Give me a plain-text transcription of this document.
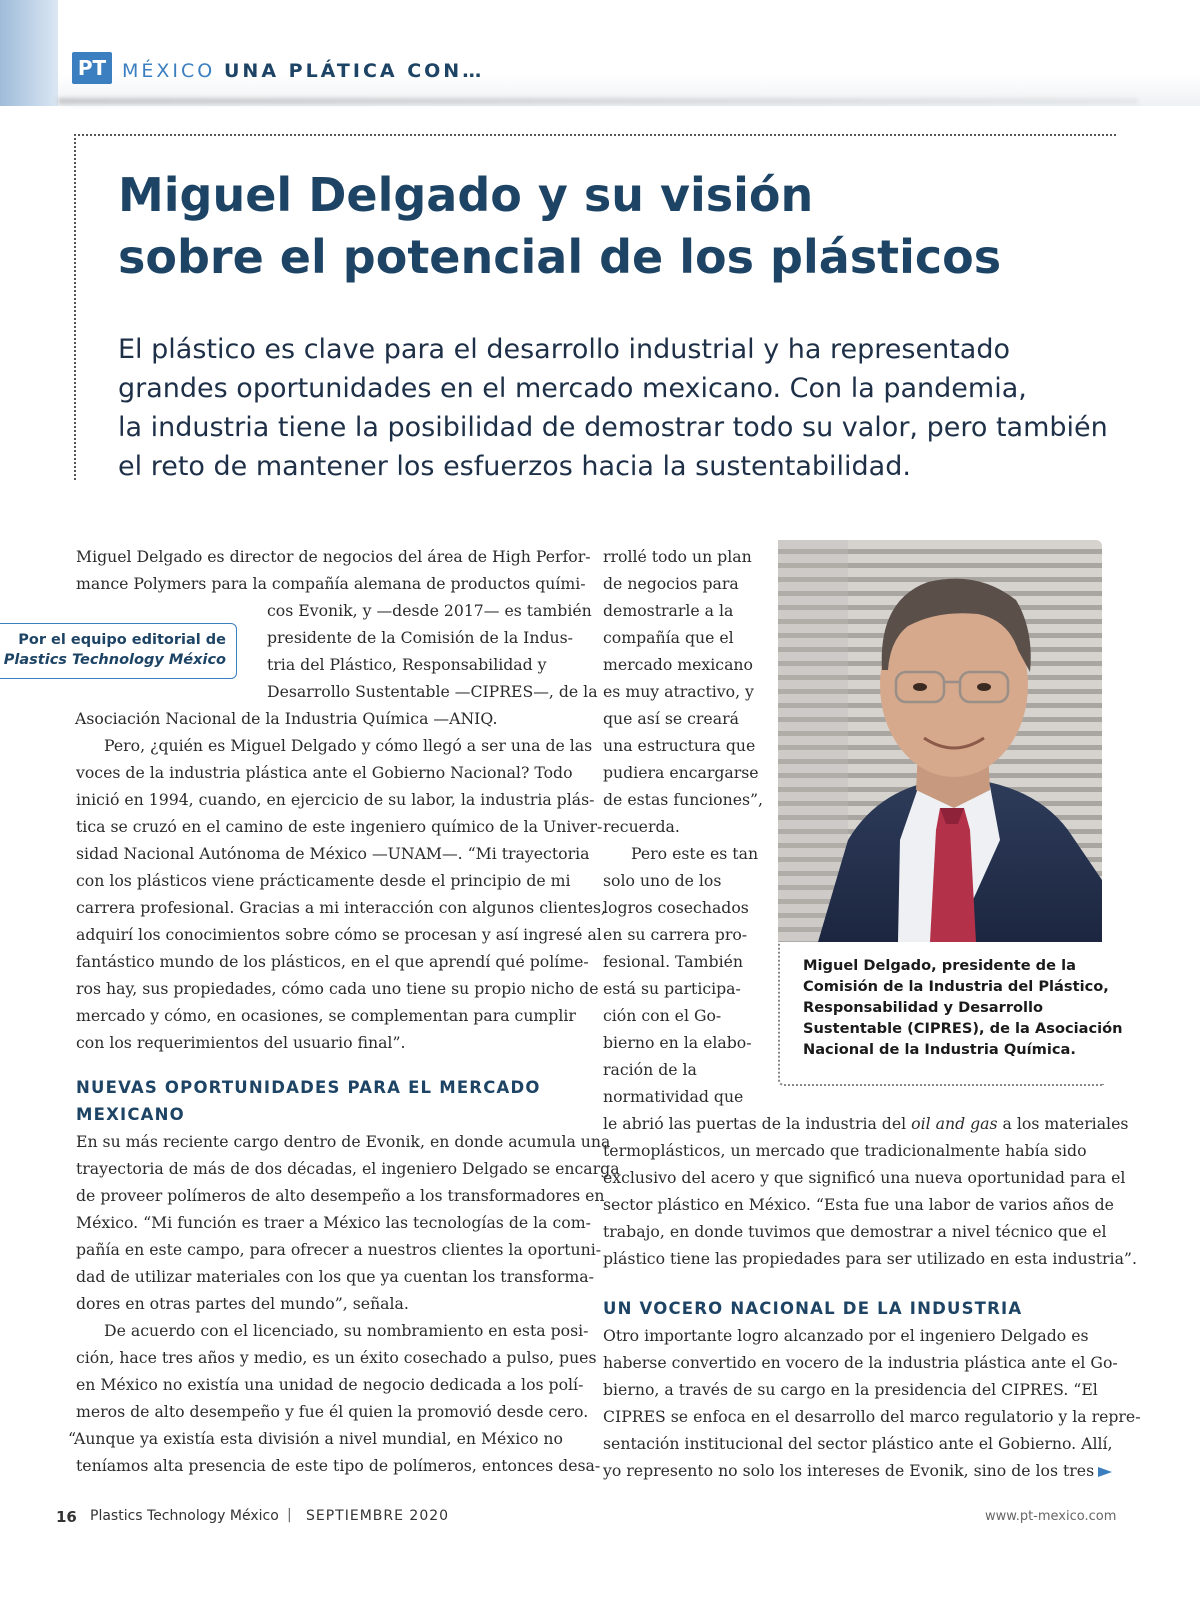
PT MÉXICO UNA PLÁTICA CON…
Miguel Delgado y su visión
sobre el potencial de los plásticos

El plástico es clave para el desarrollo industrial y ha representado
grandes oportunidades en el mercado mexicano. Con la pandemia,
la industria tiene la posibilidad de demostrar todo su valor, pero también
el reto de mantener los esfuerzos hacia la sustentabilidad.

Por el equipo editorial de
Plastics Technology México

Miguel Delgado es director de negocios del área de High Perfor-
mance Polymers para la compañía alemana de productos quími-
cos Evonik, y —desde 2017— es también
presidente de la Comisión de la Indus-
tria del Plástico, Responsabilidad y
Desarrollo Sustentable —CIPRES—, de la
Asociación Nacional de la Industria Química —ANIQ.

Pero, ¿quién es Miguel Delgado y cómo llegó a ser una de las
voces de la industria plástica ante el Gobierno Nacional? Todo
inició en 1994, cuando, en ejercicio de su labor, la industria plás-
tica se cruzó en el camino de este ingeniero químico de la Univer-
sidad Nacional Autónoma de México —UNAM—. “Mi trayectoria
con los plásticos viene prácticamente desde el principio de mi
carrera profesional. Gracias a mi interacción con algunos clientes,
adquirí los conocimientos sobre cómo se procesan y así ingresé al
fantástico mundo de los plásticos, en el que aprendí qué políme-
ros hay, sus propiedades, cómo cada uno tiene su propio nicho de
mercado y cómo, en ocasiones, se complementan para cumplir
con los requerimientos del usuario final”.

NUEVAS OPORTUNIDADES PARA EL MERCADO
MEXICANO

En su más reciente cargo dentro de Evonik, en donde acumula una
trayectoria de más de dos décadas, el ingeniero Delgado se encarga
de proveer polímeros de alto desempeño a los transformadores en
México. “Mi función es traer a México las tecnologías de la com-
pañía en este campo, para ofrecer a nuestros clientes la oportuni-
dad de utilizar materiales con los que ya cuentan los transforma-
dores en otras partes del mundo”, señala.

De acuerdo con el licenciado, su nombramiento en esta posi-
ción, hace tres años y medio, es un éxito cosechado a pulso, pues
en México no existía una unidad de negocio dedicada a los polí-
meros de alto desempeño y fue él quien la promovió desde cero.
“Aunque ya existía esta división a nivel mundial, en México no
teníamos alta presencia de este tipo de polímeros, entonces desa-

rrollé todo un plan
de negocios para
demostrarle a la
compañía que el
mercado mexicano
es muy atractivo, y
que así se creará
una estructura que
pudiera encargarse
de estas funciones”,
recuerda.

Pero este es tan
solo uno de los
logros cosechados
en su carrera pro-
fesional. También
está su participa-
ción con el Go-
bierno en la elabo-
ración de la
normatividad que
le abrió las puertas de la industria del oil and gas a los materiales
termoplásticos, un mercado que tradicionalmente había sido
exclusivo del acero y que significó una nueva oportunidad para el
sector plástico en México. “Esta fue una labor de varios años de
trabajo, en donde tuvimos que demostrar a nivel técnico que el
plástico tiene las propiedades para ser utilizado en esta industria”.

UN VOCERO NACIONAL DE LA INDUSTRIA

Otro importante logro alcanzado por el ingeniero Delgado es
haberse convertido en vocero de la industria plástica ante el Go-
bierno, a través de su cargo en la presidencia del CIPRES. “El
CIPRES se enfoca en el desarrollo del marco regulatorio y la repre-
sentación institucional del sector plástico ante el Gobierno. Allí,
yo represento no solo los intereses de Evonik, sino de los tres

Miguel Delgado, presidente de la
Comisión de la Industria del Plástico,
Responsabilidad y Desarrollo
Sustentable (CIPRES), de la Asociación
Nacional de la Industria Química.

16 Plastics Technology México | SEPTIEMBRE 2020	www.pt-mexico.com
